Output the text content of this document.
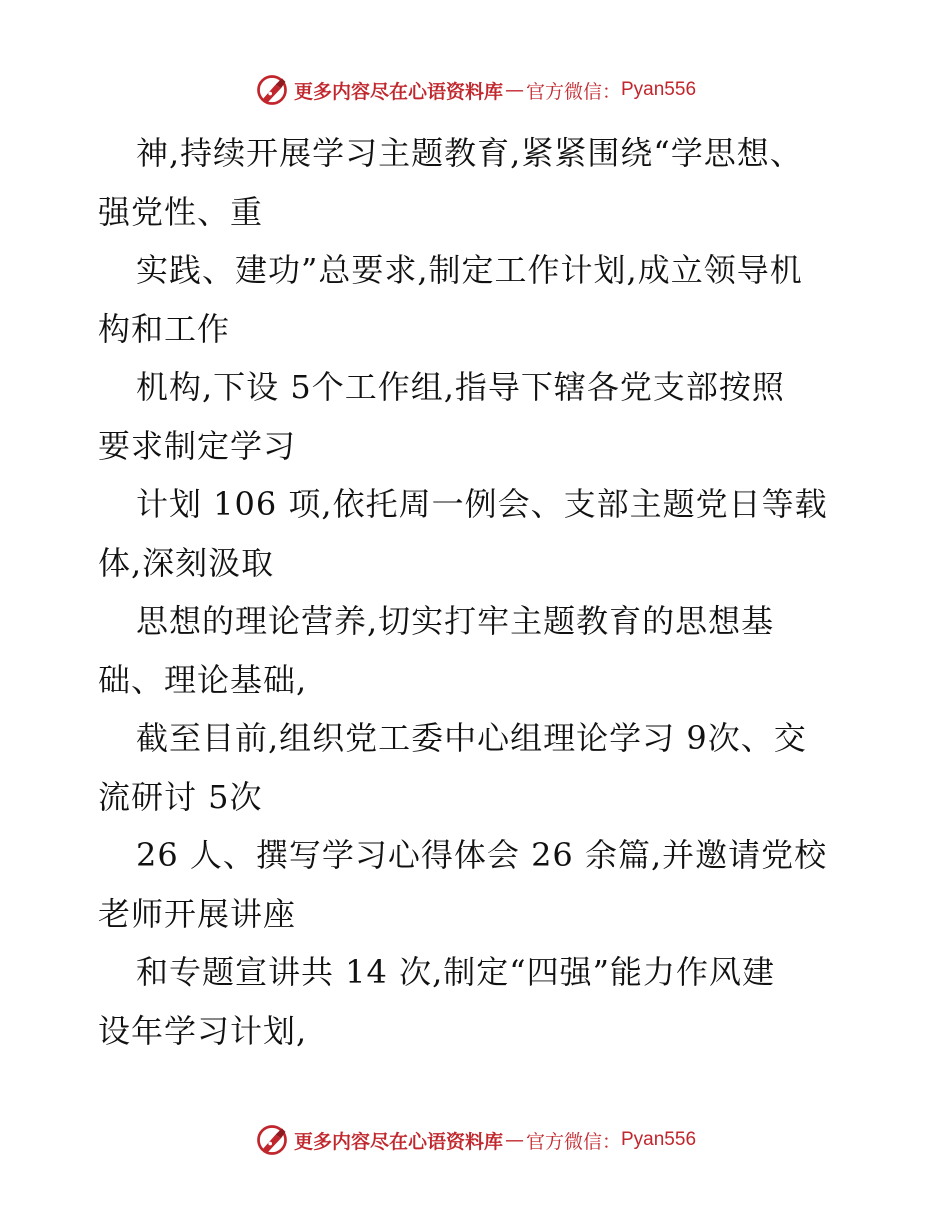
更多内容尽在心语资料库 — 官方微信： Pyan556
神,持续开展学习主题教育,紧紧围绕“学思想、
强党性、重
实践、建功”总要求,制定工作计划,成立领导机
构和工作
机构,下设 5个工作组,指导下辖各党支部按照
要求制定学习
计划 106 项,依托周一例会、支部主题党日等载
体,深刻汲取
思想的理论营养,切实打牢主题教育的思想基
础、理论基础,
截至目前,组织党工委中心组理论学习 9次、交
流研讨 5次
26 人、撰写学习心得体会 26 余篇,并邀请党校
老师开展讲座
和专题宣讲共 14 次,制定“四强”能力作风建
设年学习计划,
更多内容尽在心语资料库 — 官方微信： Pyan556
